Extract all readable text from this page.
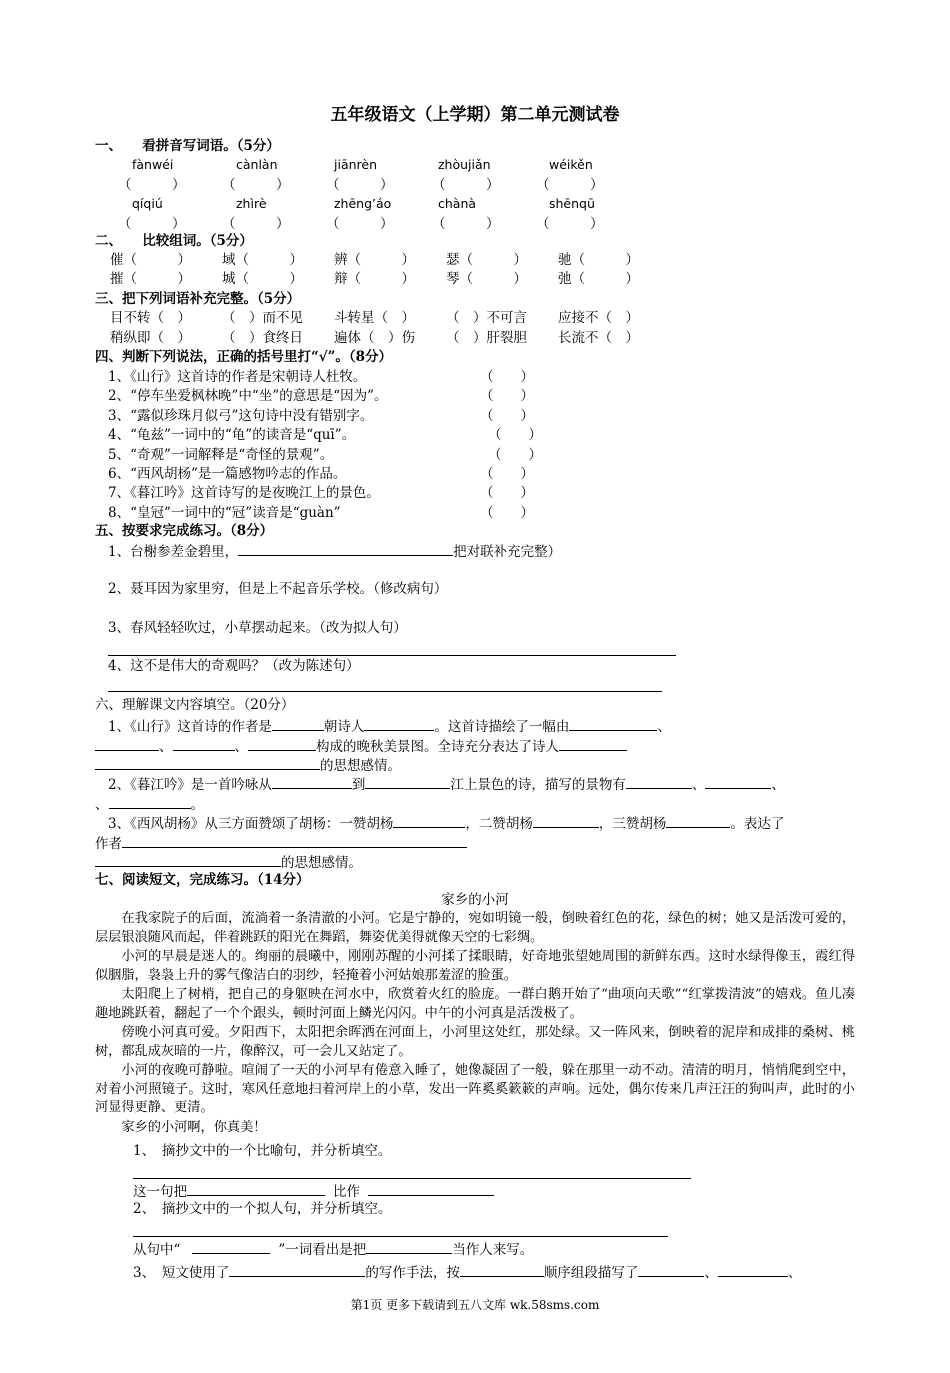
五年级语文（上学期）第二单元测试卷
一、　　看拼音写词语。（5分）
fànwéi	cànlàn	jiānrèn	zhòujiǎn	wéikěn
（　　　）	（　　　）	（　　　）	（　　　）	（　　　）
qíqiú	zhìrè	zhēng’áo	chànà	shēnqū
（　　　）	（　　　）	（　　　）	（　　　）	（　　　）
二、　　比较组词。（5分）
催（　　　） 域（　　　） 辨（　　　） 瑟（　　　） 驰（　　　）
摧（　　　） 城（　　　） 辩（　　　） 琴（　　　） 弛（　　　）
三、把下列词语补充完整。（5分）
目不转（　） （　）而不见 斗转星（　） （　）不可言 应接不（　）
稍纵即（　） （　）食终日 遍体（　）伤 （　）肝裂胆 长流不（　）
四、判断下列说法，正确的括号里打“√”。（8分）
1、《山行》这首诗的作者是宋朝诗人杜牧。	（　　）
2、“停车坐爱枫林晚”中“坐”的意思是“因为”。	（　　）
3、“露似珍珠月似弓”这句诗中没有错别字。	（　　）
4、“龟兹”一词中的“龟”的读音是“quī”。	（　　）
5、“奇观”一词解释是“奇怪的景观”。	（　　）
6、“西风胡杨”是一篇感物吟志的作品。	（　　）
7、《暮江吟》这首诗写的是夜晚江上的景色。	（　　）
8、“皇冠”一词中的“冠”读音是“guàn”	（　　）
五、按要求完成练习。（8分）
1、台榭参差金碧里，	把对联补充完整）
2、聂耳因为家里穷，但是上不起音乐学校。（修改病句）
3、春风轻轻吹过，小草摆动起来。（改为拟人句）
4、这不是伟大的奇观吗？（改为陈述句）
六、理解课文内容填空。（20分）
1、《山行》这首诗的作者是	朝诗人	。这首诗描绘了一幅由	、
、	、	构成的晚秋美景图。全诗充分表达了诗人
的思想感情。
2、《暮江吟》是一首吟咏从	到	江上景色的诗，描写的景物有	、	、
、	。
3、《西风胡杨》从三方面赞颂了胡杨：一赞胡杨	，二赞胡杨	，三赞胡杨	。表达了
作者
的思想感情。
七、阅读短文，完成练习。（14分）
家乡的小河
在我家院子的后面，流淌着一条清澈的小河。它是宁静的，宛如明镜一般，倒映着红色的花，绿色的树；她又是活泼可爱的，层层银浪随风而起，伴着跳跃的阳光在舞蹈，舞姿优美得就像天空的七彩绸。
小河的早晨是迷人的。绚丽的晨曦中，刚刚苏醒的小河揉了揉眼睛，好奇地张望她周围的新鲜东西。这时水绿得像玉，霞红得似胭脂，袅袅上升的雾气像洁白的羽纱，轻掩着小河姑娘那羞涩的脸蛋。
太阳爬上了树梢，把自己的身躯映在河水中，欣赏着火红的脸庞。一群白鹅开始了“曲项向天歌”“红掌拨清波”的嬉戏。鱼儿凑趣地跳跃着，翻起了一个个跟头，顿时河面上鳞光闪闪。中午的小河真是活泼极了。
傍晚小河真可爱。夕阳西下，太阳把余晖洒在河面上，小河里这处红，那处绿。又一阵风来，倒映着的泥岸和成排的桑树、桃树，都乱成灰暗的一片，像醉汉，可一会儿又站定了。
小河的夜晚可静啦。喧闹了一天的小河早有倦意入睡了，她像凝固了一般，躲在那里一动不动。清清的明月，悄悄爬到空中，对着小河照镜子。这时，寒风任意地扫着河岸上的小草，发出一阵奚奚簌簌的声响。远处，偶尔传来几声汪汪的狗叫声，此时的小河显得更静、更清。
家乡的小河啊，你真美！
1、　摘抄文中的一个比喻句，并分析填空。
这一句把	比作
2、　摘抄文中的一个拟人句，并分析填空。
从句中“	”一词看出是把	当作人来写。
3、　短文使用了	的写作手法，按	顺序组段描写了	、	、
第1页 更多下载请到五八文库 wk.58sms.com
